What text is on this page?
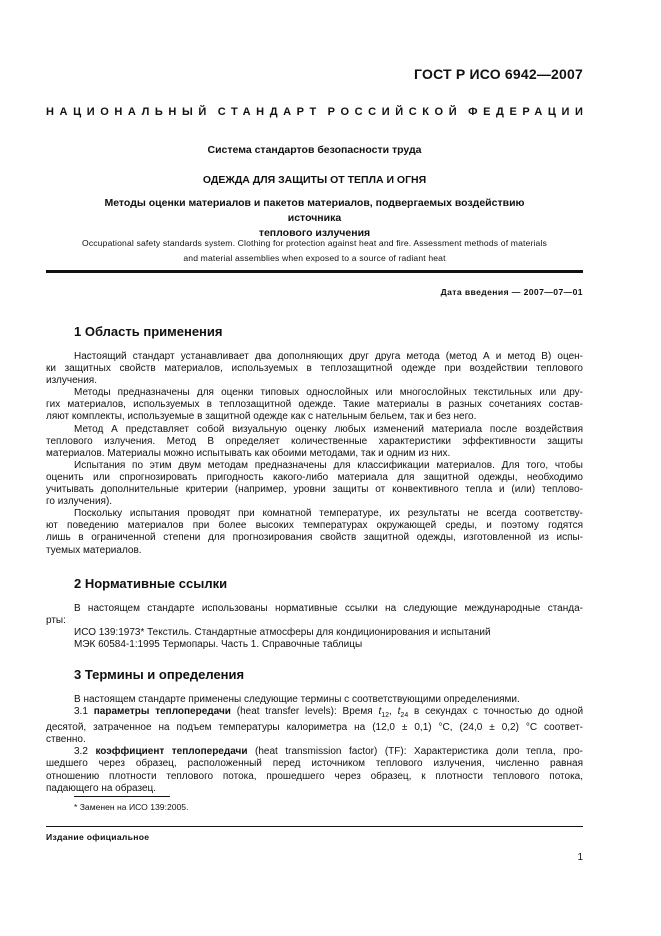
ГОСТ Р ИСО 6942—2007
НАЦИОНАЛЬНЫЙ СТАНДАРТ РОССИЙСКОЙ ФЕДЕРАЦИИ
Система стандартов безопасности труда
ОДЕЖДА ДЛЯ ЗАЩИТЫ ОТ ТЕПЛА И ОГНЯ
Методы оценки материалов и пакетов материалов, подвергаемых воздействию источника
теплового излучения
Occupational safety standards system. Clothing for protection against heat and fire. Assessment methods of materials
and material assemblies when exposed to a source of radiant heat
Дата введения — 2007—07—01
1 Область применения
Настоящий стандарт устанавливает два дополняющих друг друга метода (метод А и метод В) оцен-
ки защитных свойств материалов, используемых в теплозащитной одежде при воздействии теплового
излучения.
Методы предназначены для оценки типовых однослойных или многослойных текстильных или дру-
гих материалов, используемых в теплозащитной одежде. Такие материалы в разных сочетаниях состав-
ляют комплекты, используемые в защитной одежде как с нательным бельем, так и без него.
Метод А представляет собой визуальную оценку любых изменений материала после воздействия
теплового излучения. Метод В определяет количественные характеристики эффективности защиты
материалов. Материалы можно испытывать как обоими методами, так и одним из них.
Испытания по этим двум методам предназначены для классификации материалов. Для того, чтобы
оценить или спрогнозировать пригодность какого-либо материала для защитной одежды, необходимо
учитывать дополнительные критерии (например, уровни защиты от конвективного тепла и (или) теплово-
го излучения).
Поскольку испытания проводят при комнатной температуре, их результаты не всегда соответству-
ют поведению материалов при более высоких температурах окружающей среды, и поэтому годятся
лишь в ограниченной степени для прогнозирования свойств защитной одежды, изготовленной из испы-
туемых материалов.
2 Нормативные ссылки
В настоящем стандарте использованы нормативные ссылки на следующие международные станда-
рты:
ИСО 139:1973* Текстиль. Стандартные атмосферы для кондиционирования и испытаний
МЭК 60584-1:1995 Термопары. Часть 1. Справочные таблицы
3 Термины и определения
В настоящем стандарте применены следующие термины с соответствующими определениями.
3.1 параметры теплопередачи (heat transfer levels): Время $t_{12}$, $t_{24}$ в секундах с точностью до одной
десятой, затраченное на подъем температуры калориметра на (12,0 ± 0,1) °С, (24,0 ± 0,2) °С соответ-
ственно.
3.2 коэффициент теплопередачи (heat transmission factor) (TF): Характеристика доли тепла, про-
шедшего через образец, расположенный перед источником теплового излучения, численно равная
отношению плотности теплового потока, прошедшего через образец, к плотности теплового потока,
падающего на образец.
* Заменен на ИСО 139:2005.
Издание официальное
1
